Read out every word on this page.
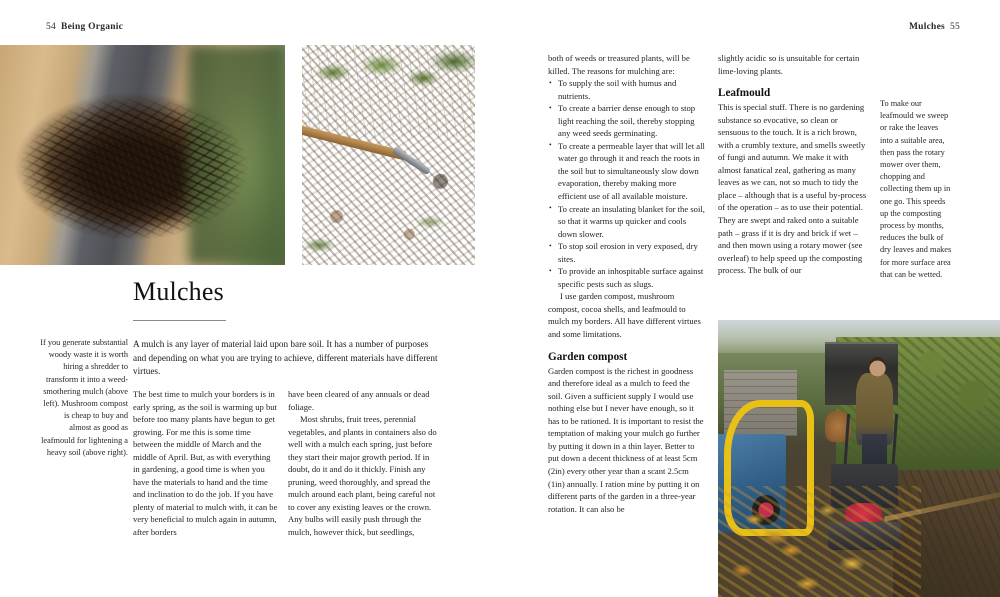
54 Being Organic	Mulches 55
Mulches

A mulch is any layer of material laid upon bare soil. It has a number of purposes and depending on what you are trying to achieve, different materials have different virtues.

If you generate substantial woody waste it is worth hiring a shredder to transform it into a weed-smothering mulch (above left). Mushroom compost is cheap to buy and almost as good as leafmould for lightening a heavy soil (above right).

The best time to mulch your borders is in early spring, as the soil is warming up but before too many plants have begun to get growing. For me this is some time between the middle of March and the middle of April. But, as with everything in gardening, a good time is when you have the materials to hand and the time and inclination to do the job. If you have plenty of material to mulch with, it can be very beneficial to mulch again in autumn, after borders

have been cleared of any annuals or dead foliage.

Most shrubs, fruit trees, perennial vegetables, and plants in containers also do well with a mulch each spring, just before they start their major growth period. If in doubt, do it and do it thickly. Finish any pruning, weed thoroughly, and spread the mulch around each plant, being careful not to cover any existing leaves or the crown. Any bulbs will easily push through the mulch, however thick, but seedlings,

both of weeds or treasured plants, will be killed. The reasons for mulching are:

• To supply the soil with humus and nutrients.
• To create a barrier dense enough to stop light reaching the soil, thereby stopping any weed seeds germinating.
• To create a permeable layer that will let all water go through it and reach the roots in the soil but to simultaneously slow down evaporation, thereby making more efficient use of all available moisture.
• To create an insulating blanket for the soil, so that it warms up quicker and cools down slower.
• To stop soil erosion in very exposed, dry sites.
• To provide an inhospitable surface against specific pests such as slugs.

I use garden compost, mushroom compost, cocoa shells, and leafmould to mulch my borders. All have different virtues and some limitations.

Garden compost

Garden compost is the richest in goodness and therefore ideal as a mulch to feed the soil. Given a sufficient supply I would use nothing else but I never have enough, so it has to be rationed. It is important to resist the temptation of making your mulch go further by putting it down in a thin layer. Better to put down a decent thickness of at least 5cm (2in) every other year than a scant 2.5cm (1in) annually. I ration mine by putting it on different parts of the garden in a three-year rotation. It can also be

slightly acidic so is unsuitable for certain lime-loving plants.

Leafmould

This is special stuff. There is no gardening substance so evocative, so clean or sensuous to the touch. It is a rich brown, with a crumbly texture, and smells sweetly of fungi and autumn. We make it with almost fanatical zeal, gathering as many leaves as we can, not so much to tidy the place – although that is a useful by-process of the operation – as to use their potential. They are swept and raked onto a suitable path – grass if it is dry and brick if wet – and then mown using a rotary mower (see overleaf) to help speed up the composting process. The bulk of our

To make our leafmould we sweep or rake the leaves into a suitable area, then pass the rotary mower over them, chopping and collecting them up in one go. This speeds up the composting process by months, reduces the bulk of dry leaves and makes for more surface area that can be wetted.
